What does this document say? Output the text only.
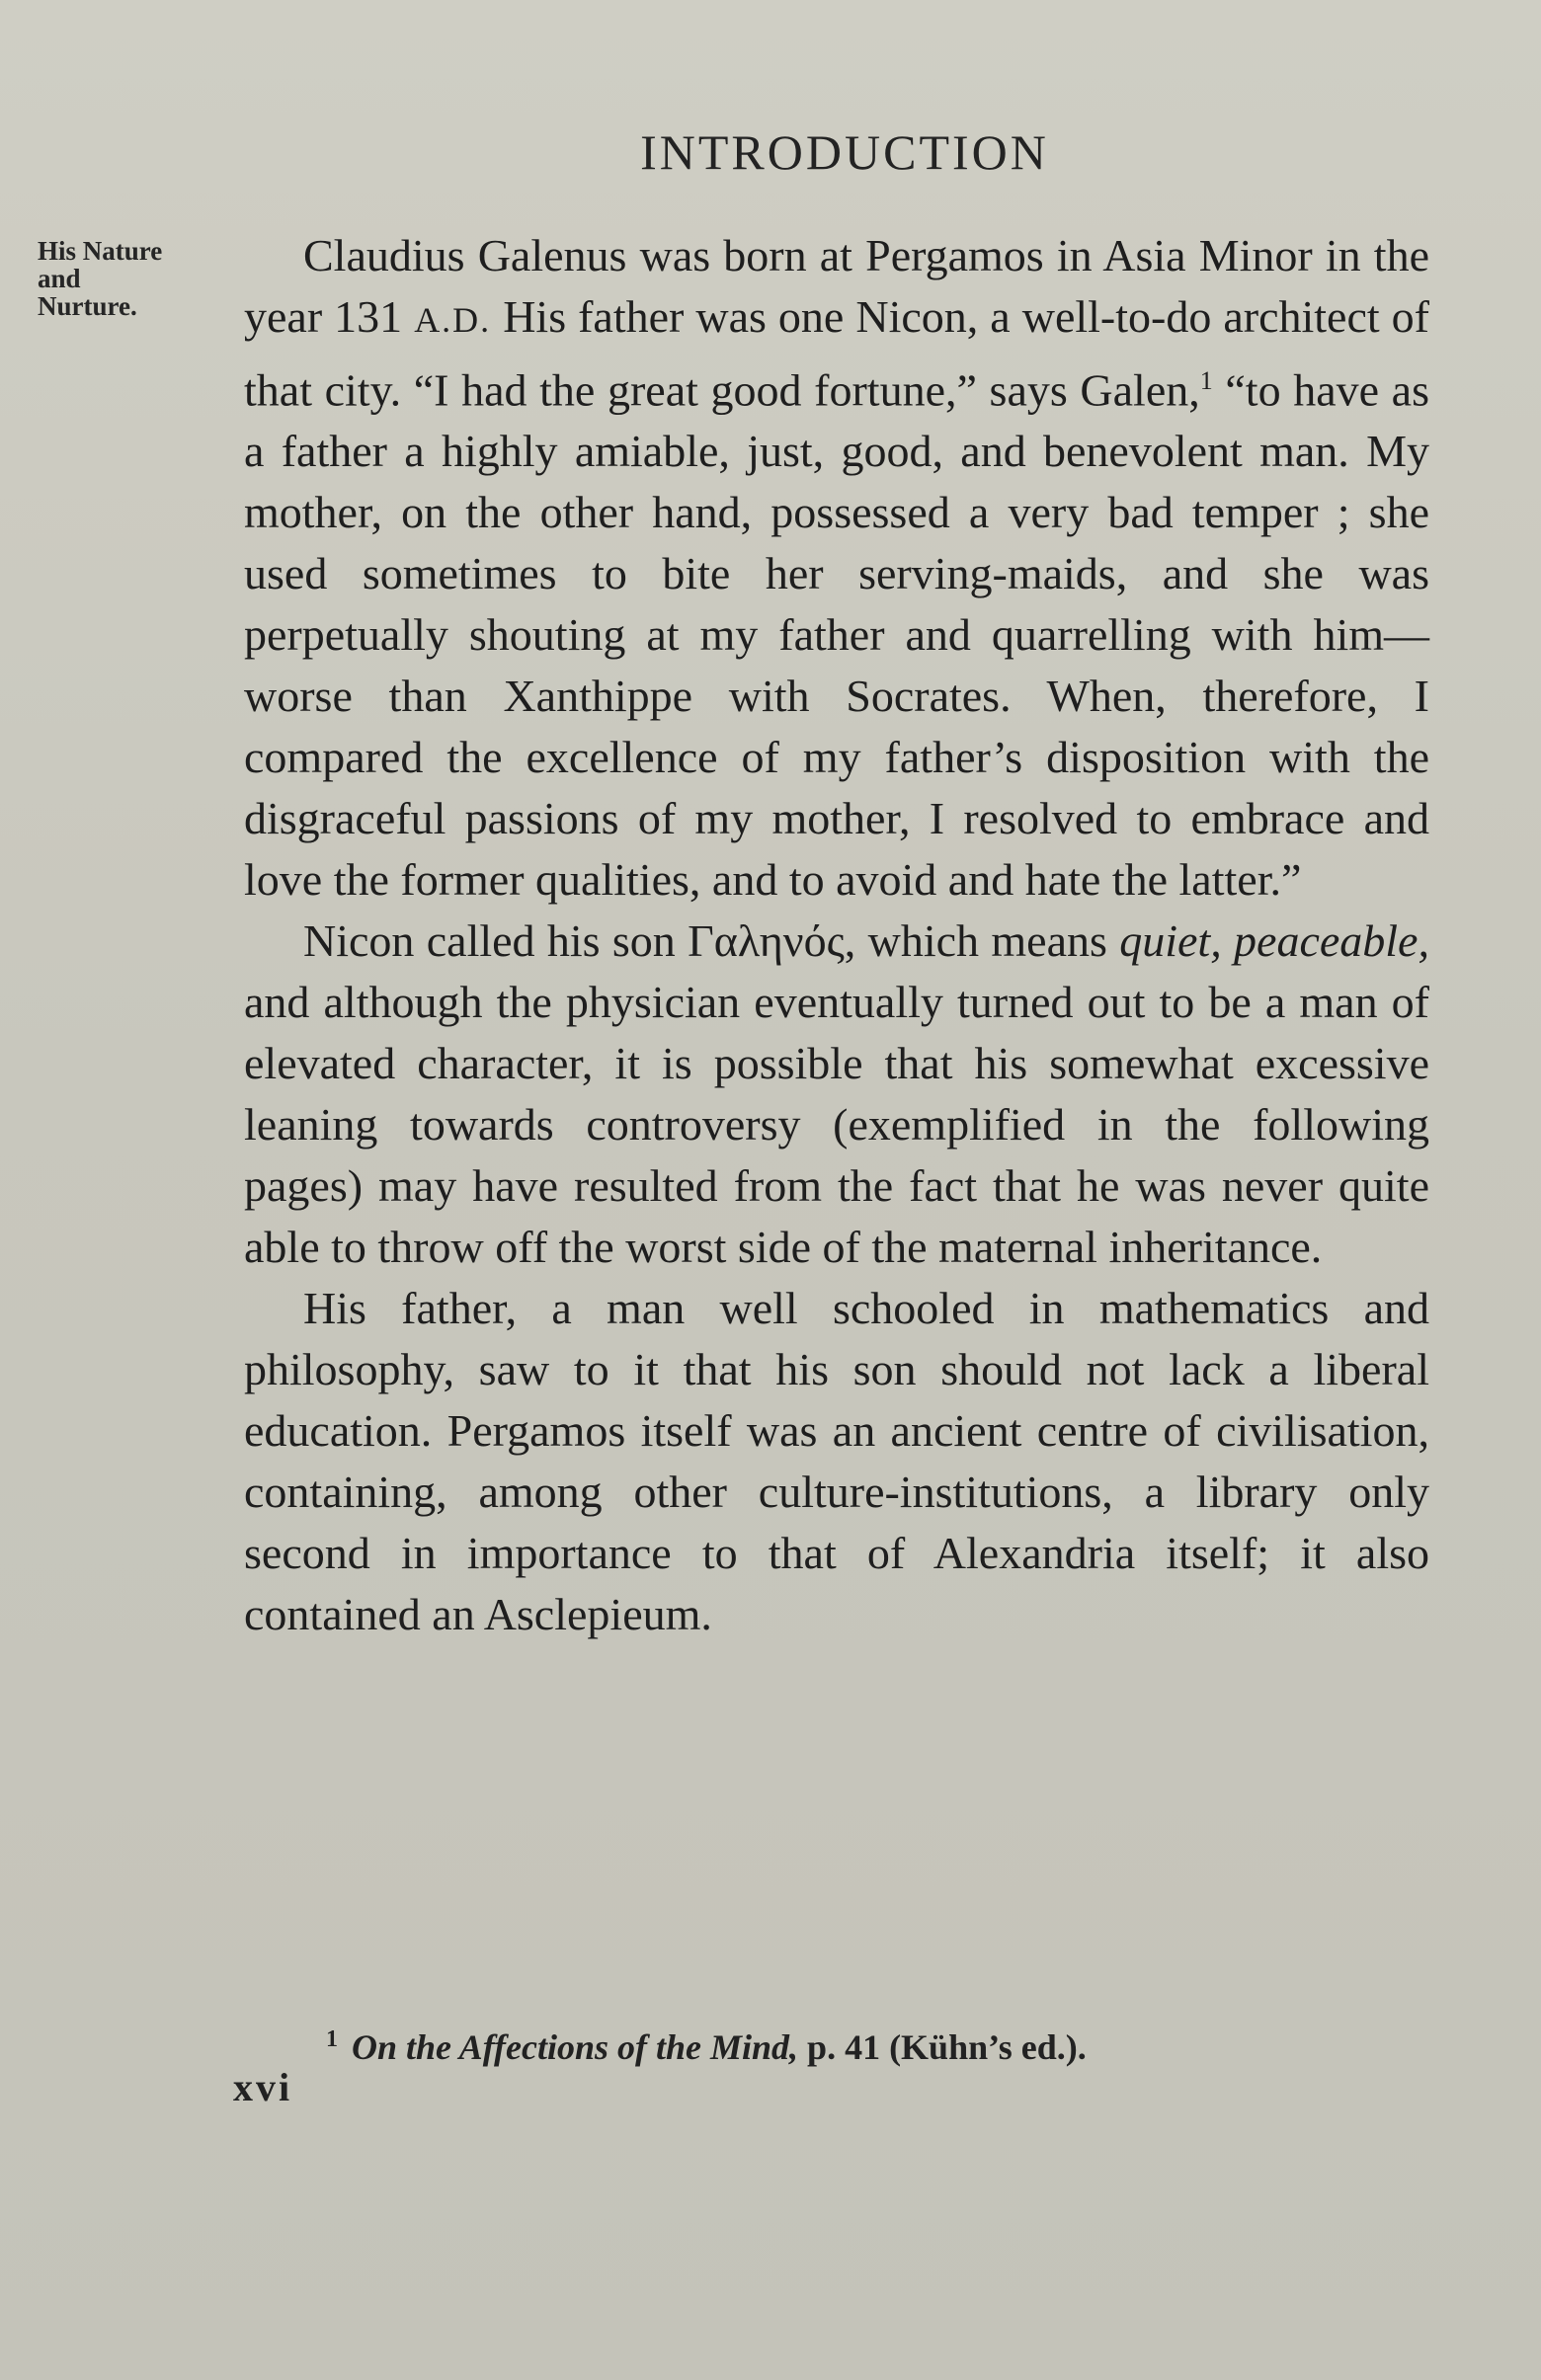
INTRODUCTION
His Nature
and
Nurture.

Claudius Galenus was born at Pergamos in Asia Minor in the year 131 A.D. His father was one Nicon, a well-to-do architect of that city. “I had the great good fortune,” says Galen,$^1$ “to have as a father a highly amiable, just, good, and benevolent man. My mother, on the other hand, possessed a very bad temper ; she used sometimes to bite her serving-maids, and she was perpetually shouting at my father and quarrelling with him—worse than Xanthippe with Socrates. When, therefore, I compared the excellence of my father’s disposition with the disgraceful passions of my mother, I resolved to embrace and love the former qualities, and to avoid and hate the latter.”

Nicon called his son Γαληνός, which means quiet, peaceable, and although the physician eventually turned out to be a man of elevated character, it is possible that his somewhat excessive leaning towards controversy (exemplified in the following pages) may have resulted from the fact that he was never quite able to throw off the worst side of the maternal inheritance.

His father, a man well schooled in mathematics and philosophy, saw to it that his son should not lack a liberal education. Pergamos itself was an ancient centre of civilisation, containing, among other culture-institutions, a library only second in importance to that of Alexandria itself; it also contained an Asclepieum.

$^1$ On the Affections of the Mind, p. 41 (Kühn’s ed.).
xvi
